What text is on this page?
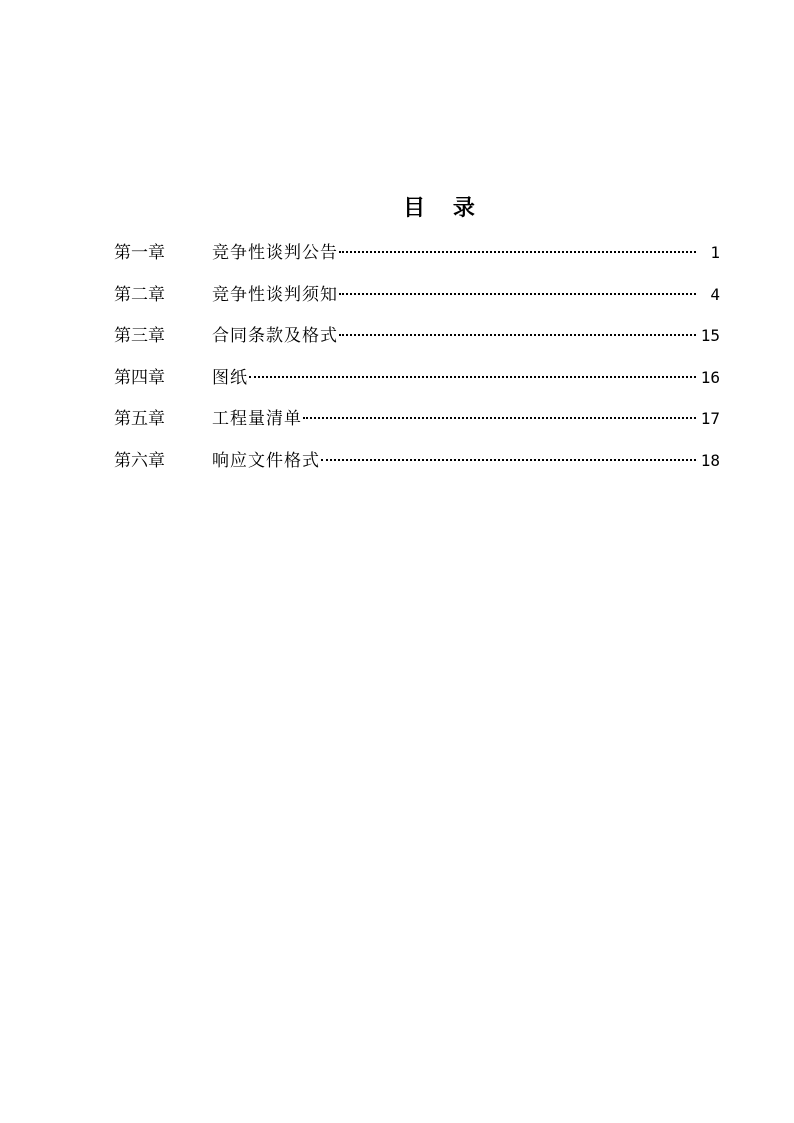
目 录
第一章	竞争性谈判公告	1
第二章	竞争性谈判须知	4
第三章	合同条款及格式	15
第四章	图纸	16
第五章	工程量清单	17
第六章	响应文件格式	18
